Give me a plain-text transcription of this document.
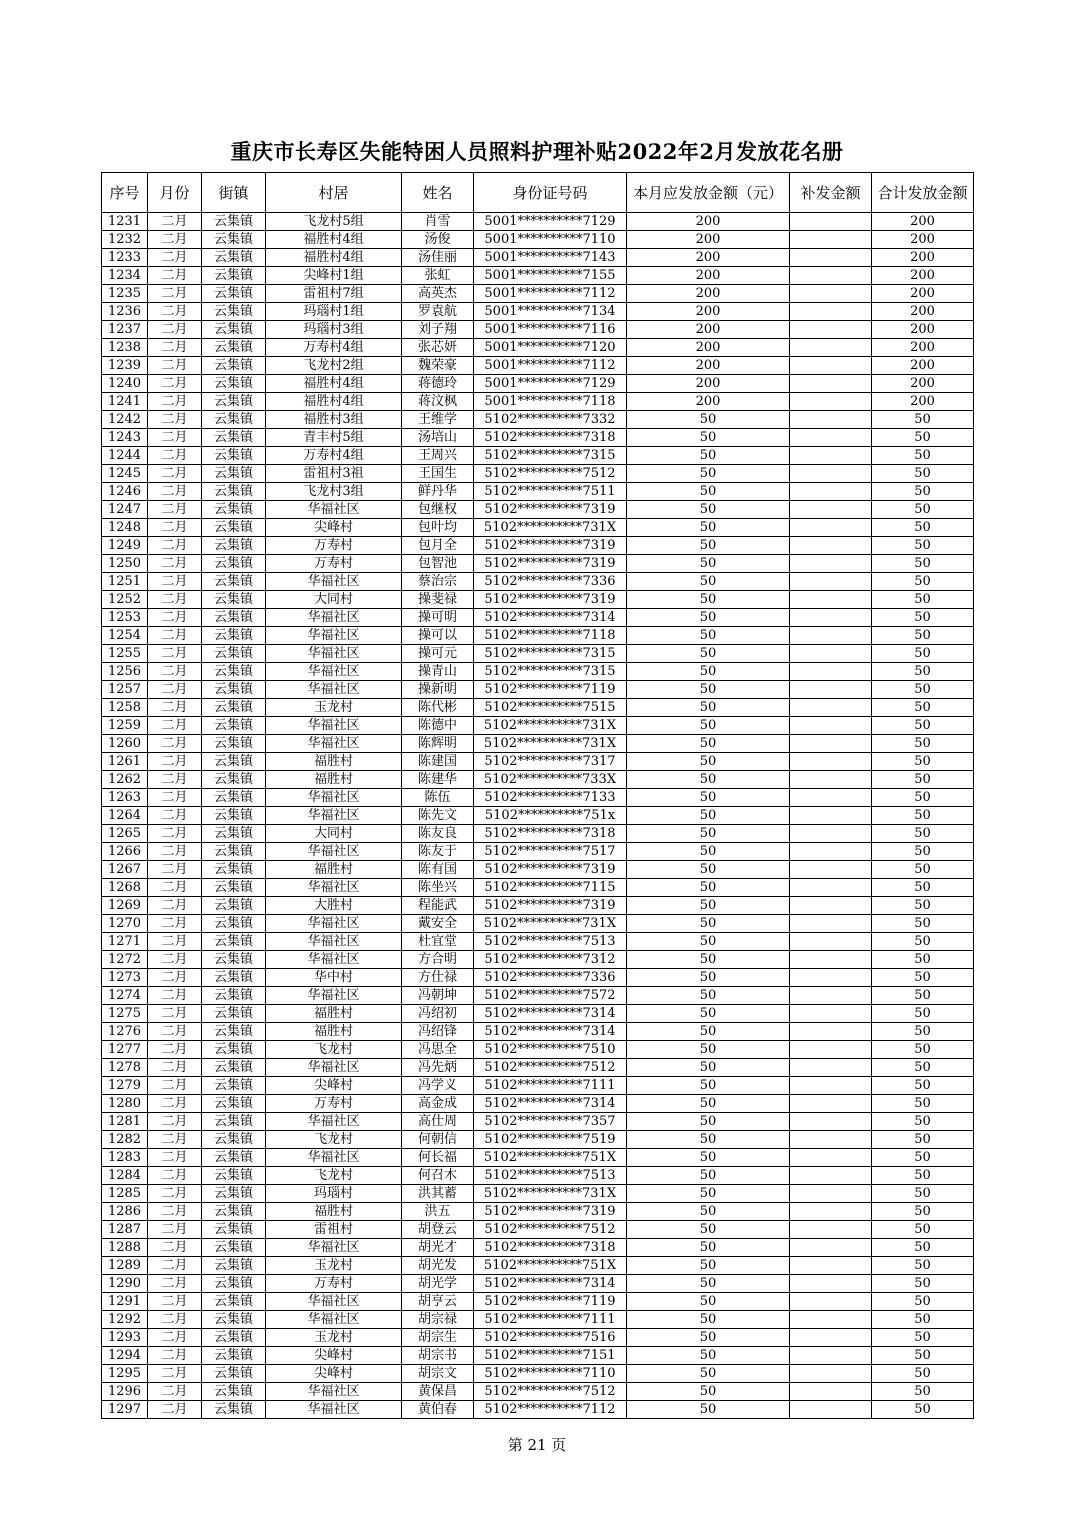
重庆市长寿区失能特困人员照料护理补贴2022年2月发放花名册
序号	月份	街镇	村居	姓名	身份证号码	本月应发放金额（元）	补发金额	合计发放金额
1231	二月	云集镇	飞龙村5组	肖雪	5001**********7129	200		200
1232	二月	云集镇	福胜村4组	汤俊	5001**********7110	200		200
1233	二月	云集镇	福胜村4组	汤佳丽	5001**********7143	200		200
1234	二月	云集镇	尖峰村1组	张虹	5001**********7155	200		200
1235	二月	云集镇	雷祖村7组	高英杰	5001**********7112	200		200
1236	二月	云集镇	玛瑙村1组	罗袁航	5001**********7134	200		200
1237	二月	云集镇	玛瑙村3组	刘子翔	5001**********7116	200		200
1238	二月	云集镇	万寿村4组	张芯妍	5001**********7120	200		200
1239	二月	云集镇	飞龙村2组	魏荣豪	5001**********7112	200		200
1240	二月	云集镇	福胜村4组	蒋德玲	5001**********7129	200		200
1241	二月	云集镇	福胜村4组	蒋汶枫	5001**********7118	200		200
1242	二月	云集镇	福胜村3组	王维学	5102**********7332	50		50
1243	二月	云集镇	青丰村5组	汤培山	5102**********7318	50		50
1244	二月	云集镇	万寿村4组	王周兴	5102**********7315	50		50
1245	二月	云集镇	雷祖村3祖	王国生	5102**********7512	50		50
1246	二月	云集镇	飞龙村3组	鲜丹华	5102**********7511	50		50
1247	二月	云集镇	华福社区	包继权	5102**********7319	50		50
1248	二月	云集镇	尖峰村	包叶均	5102**********731X	50		50
1249	二月	云集镇	万寿村	包月全	5102**********7319	50		50
1250	二月	云集镇	万寿村	包智池	5102**********7319	50		50
1251	二月	云集镇	华福社区	蔡治宗	5102**********7336	50		50
1252	二月	云集镇	大同村	操斐禄	5102**********7319	50		50
1253	二月	云集镇	华福社区	操可明	5102**********7314	50		50
1254	二月	云集镇	华福社区	操可以	5102**********7118	50		50
1255	二月	云集镇	华福社区	操可元	5102**********7315	50		50
1256	二月	云集镇	华福社区	操青山	5102**********7315	50		50
1257	二月	云集镇	华福社区	操新明	5102**********7119	50		50
1258	二月	云集镇	玉龙村	陈代彬	5102**********7515	50		50
1259	二月	云集镇	华福社区	陈德中	5102**********731X	50		50
1260	二月	云集镇	华福社区	陈辉明	5102**********731X	50		50
1261	二月	云集镇	福胜村	陈建国	5102**********7317	50		50
1262	二月	云集镇	福胜村	陈建华	5102**********733X	50		50
1263	二月	云集镇	华福社区	陈伍	5102**********7133	50		50
1264	二月	云集镇	华福社区	陈先文	5102**********751x	50		50
1265	二月	云集镇	大同村	陈友良	5102**********7318	50		50
1266	二月	云集镇	华福社区	陈友于	5102**********7517	50		50
1267	二月	云集镇	福胜村	陈有国	5102**********7319	50		50
1268	二月	云集镇	华福社区	陈坐兴	5102**********7115	50		50
1269	二月	云集镇	大胜村	程能武	5102**********7319	50		50
1270	二月	云集镇	华福社区	戴安全	5102**********731X	50		50
1271	二月	云集镇	华福社区	杜宜堂	5102**********7513	50		50
1272	二月	云集镇	华福社区	方合明	5102**********7312	50		50
1273	二月	云集镇	华中村	方仕禄	5102**********7336	50		50
1274	二月	云集镇	华福社区	冯朝坤	5102**********7572	50		50
1275	二月	云集镇	福胜村	冯绍初	5102**********7314	50		50
1276	二月	云集镇	福胜村	冯绍锋	5102**********7314	50		50
1277	二月	云集镇	飞龙村	冯思全	5102**********7510	50		50
1278	二月	云集镇	华福社区	冯先炳	5102**********7512	50		50
1279	二月	云集镇	尖峰村	冯学义	5102**********7111	50		50
1280	二月	云集镇	万寿村	高金成	5102**********7314	50		50
1281	二月	云集镇	华福社区	高仕周	5102**********7357	50		50
1282	二月	云集镇	飞龙村	何朝信	5102**********7519	50		50
1283	二月	云集镇	华福社区	何长福	5102**********751X	50		50
1284	二月	云集镇	飞龙村	何召木	5102**********7513	50		50
1285	二月	云集镇	玛瑙村	洪其蓄	5102**********731X	50		50
1286	二月	云集镇	福胜村	洪五	5102**********7319	50		50
1287	二月	云集镇	雷祖村	胡登云	5102**********7512	50		50
1288	二月	云集镇	华福社区	胡光才	5102**********7318	50		50
1289	二月	云集镇	玉龙村	胡光发	5102**********751X	50		50
1290	二月	云集镇	万寿村	胡光学	5102**********7314	50		50
1291	二月	云集镇	华福社区	胡亨云	5102**********7119	50		50
1292	二月	云集镇	华福社区	胡宗禄	5102**********7111	50		50
1293	二月	云集镇	玉龙村	胡宗生	5102**********7516	50		50
1294	二月	云集镇	尖峰村	胡宗书	5102**********7151	50		50
1295	二月	云集镇	尖峰村	胡宗文	5102**********7110	50		50
1296	二月	云集镇	华福社区	黄保昌	5102**********7512	50		50
1297	二月	云集镇	华福社区	黄伯春	5102**********7112	50		50
第 21 页
